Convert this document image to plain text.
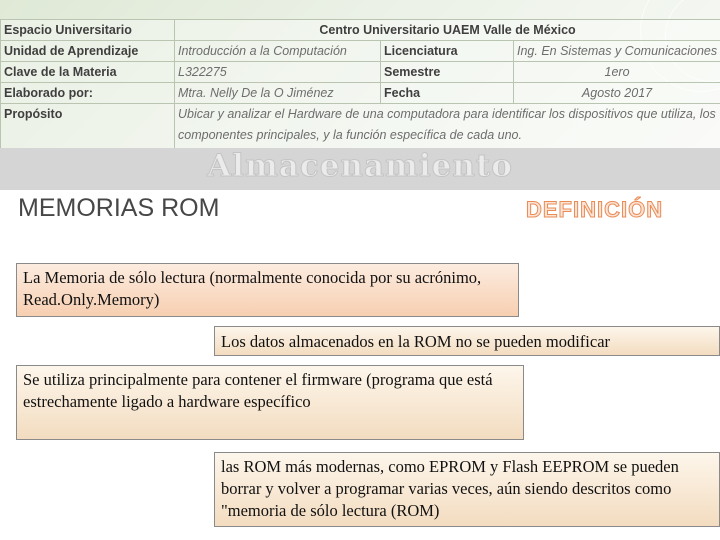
Espacio Universitario	Centro Universitario UAEM Valle de México		
Unidad de Aprendizaje	Introducción a la Computación	Licenciatura	Ing. En Sistemas y Comunicaciones
Clave de la Materia	L322275	Semestre	1ero
Elaborado por:	Mtra. Nelly De la O Jiménez	Fecha	Agosto 2017
Propósito	Ubicar y analizar el Hardware de una computadora para identificar los dispositivos que utiliza, los componentes principales, y la función específica de cada uno.		
Almacenamiento
MEMORIAS ROM	DEFINICIÓN
La Memoria de sólo lectura (normalmente conocida por su acrónimo, Read.Only.Memory)
Los datos almacenados en la ROM no se pueden modificar
Se utiliza principalmente para contener el firmware (programa que está estrechamente ligado a hardware específico
las ROM más modernas, como EPROM y Flash EEPROM se pueden borrar y volver a programar varias veces, aún siendo descritos como "memoria de sólo lectura (ROM)
